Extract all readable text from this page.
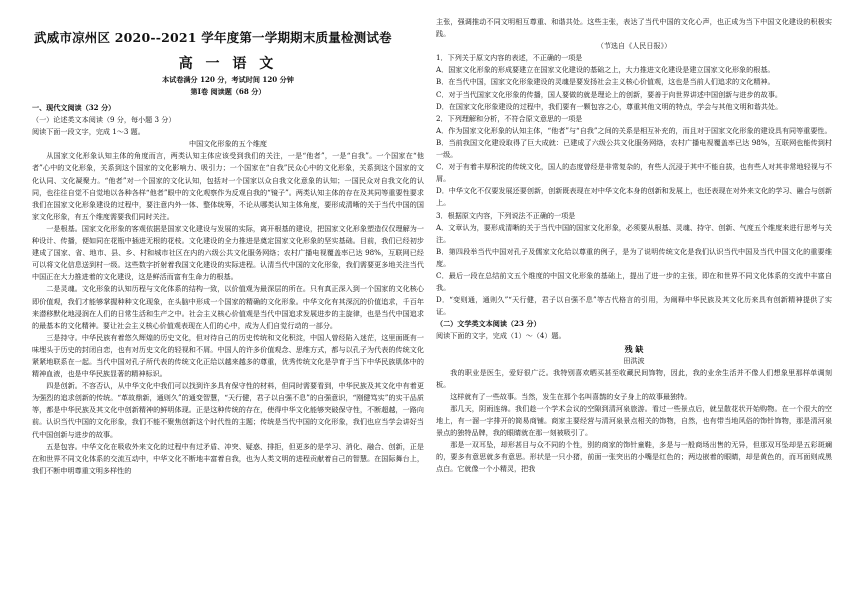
武威市凉州区 2020--2021 学年度第一学期期末质量检测试卷
高 一 语 文
本试卷满分 120 分，考试时间 120 分钟
第Ⅰ卷 阅读题（68 分）

一、现代文阅读（32 分）

（一）论述类文本阅读（9 分，每小题 3 分）

阅读下面一段文字，完成 1～3 题。

中国文化形象的五个维度

从国家文化形象认知主体的角度而言，两类认知主体应该受到我们的关注，一是“他者”，一是“自我”。一个国家在“他者”心中的文化形象，关系到这个国家的文化影响力、吸引力；一个国家在“自我”民众心中的文化形象，关系到这个国家的文化认同、文化凝聚力。“他者”对一个国家的文化认知，包括对一个国家以众自我文化意象的认知；一国民众对自我文化的认同，也往往自觉不自觉地以各种各样“他者”眼中的文化观察作为反观自我的“镜子”。两类认知主体的存在及其同等重要性要求我们在国家文化形象建设的过程中，要注意内外一体、整体统筹，不论从哪类认知主体角度，要形成清晰的关于当代中国的国家文化形象，有五个维度需要我们同时关注。

一是根基。国家文化形象的客观依据是国家文化建设与发展的实际，离开根基的建设，把国家文化形象塑造仅仅理解为一种设计、传播，便如同在花瓶中插进无根的花枝。文化建设的全力推进是奠定国家文化形象的坚实基础。目前，我们已经初步建成了国家、省、地市、县、乡、村和城市社区在内的六级公共文化服务网络；农村广播电视覆盖率已达 98%，互联网已经可以将文化信息送到村一级。这些数字折射着我国文化建设的实际进程。认清当代中国的文化形象，我们需要更多地关注当代中国正在大力推进着的文化建设，这是鲜活而富有生命力的根基。

二是灵魂。文化形象的认知历程与文化体系的结构一致，以价值观为最深层的所在。只有真正深入到一个国家的文化核心即价值观，我们才能够掌握种种文化现象，在头脑中形成一个国家的精确的文化形象。中华文化有其深沉的价值追求，千百年来潜移默化地浸润在人们的日常生活和生产之中。社会主义核心价值观是当代中国追求发展进步的主旋律，也是当代中国追求的最基本的文化精神。要让社会主义核心价值观表现在人们的心中，成为人们自觉行动的一部分。

三是持守。中华民族有着悠久辉煌的历史文化，但对待自己的历史传统和文化积淀，中国人曾经陷入迷茫，这里面既有一味埋头于历史的封闭自恋，也有对历史文化的轻视和不屑。中国人的许多价值观念、思维方式，都与以孔子为代表的传统文化紧紧地联系在一起。当代中国对孔子所代表的传统文化正给以越来越多的尊重，优秀传统文化是孕育于当下中华民族肌体中的精神血液，也是中华民族显著的精神标识。

四是创新。不容否认，从中华文化中我们可以找到许多具有保守性的材料，但同时需要看到，中华民族及其文化中有着更为强烈的追求创新的传统。“革故鼎新，通则久”的通变智慧，“天行健，君子以自强不息”的自强意识，“刚健笃实”的实干品质等，都是中华民族及其文化中创新精神的鲜明体现。正是这种传统的存在，使得中华文化能够突破保守性，不断超越，一路向前。认识当代中国的文化形象，我们不能不聚焦创新这个时代性的主题；传统是当代中国的文化形象，我们也应当学会讲好当代中国创新与进步的故事。

五是包容。中华文化在吸收外来文化的过程中有过矛盾、冲突、疑惑、排拒，但更多的是学习、消化、融合、创新，正是在和世界不同文化体系的交流互动中，中华文化不断地丰富着自我，也为人类文明的进程贡献着自己的智慧。在国际舞台上，我们不断申明尊重文明多样性的

主张，强调推动不同文明相互尊重、和谐共处。这些主张，表达了当代中国的文化心声，也正成为当下中国文化建设的积极实践。

（节选自《人民日报》）

1．下列关于原文内容的表述，不正确的一项是

A．国家文化形象的形成要建立在国家文化建设的基础之上，大力推进文化建设是建立国家文化形象的根基。

B．在当代中国，国家文化形象建设的灵魂是要发扬社会主义核心价值观，这也是当前人们追求的文化精神。

C．对于当代国家文化形象的传播，国人要做的就是理论上的创新，要善于向世界讲述中国创新与进步的故事。

D．在国家文化形象建设的过程中，我们要有一颗包容之心，尊重其他文明的特点，学会与其他文明和谐共处。

2．下列理解和分析，不符合原文意思的一项是

A．作为国家文化形象的认知主体，“他者”与“自我”之间的关系是相互补充的，而且对于国家文化形象的建设具有同等重要性。

B．当前我国文化建设取得了巨大成就：已建成了六级公共文化服务网络，农村广播电视覆盖率已达 98%，互联网也能传到村一级。

C．对于有着丰厚积淀的传统文化，国人的态度曾经是非常复杂的，有些人沉浸于其中不能自拔，也有些人对其非常地轻视与不屑。

D．中华文化不仅要发展还要创新，创新既表现在对中华文化本身的创新和发展上，也还表现在对外来文化的学习、融合与创新上。

3．根据原文内容，下列说法不正确的一项是

A．文章认为，要形成清晰的关于当代中国的国家文化形象，必须要从根基、灵魂、持守、创新、气度五个维度来进行思考与关注。

B．第四段举当代中国对孔子及儒家文化给以尊重的例子，是为了说明传统文化是我们认识当代中国及当代中国文化的重要维度。

C．最后一段在总结前文五个维度的中国文化形象的基础上，提出了进一步的主张，即在和世界不同文化体系的交流中丰富自我。

D．“变则通，通则久”“天行健，君子以自强不息”等古代格言的引用，为阐释中华民族及其文化历来具有创新精神提供了实证。

（二）文学类文本阅读（23 分）

阅读下面的文字，完成（1）～（4）题。

残 缺

田洪波

我的职业是医生，爱好很广泛。我特别喜欢晒买甚至收藏民间饰物，因此，我的业余生活并不像人们想象里那样单调刻板。

这样就有了一些故事。当然，发生在那个名叫喜鹊的女子身上的故事最独特。

那几天，阴雨连绵。我们趁一个学术会议的空隙到清河泉旅游。看过一些景点后，就呈散花状开始购物。在一个很大的空地上，有一溜一字排开的简易商铺。商家主要经营与清河泉景点相关的饰物，自然，也有带当地风俗的饰针饰物，那是清河泉景点的独特品牌，我的眼睛就在那一刻被吸引了。

那是一双耳坠，却形甚目与众不同的个性，别的商家的饰针童鞋，多是与一般商场出售的无异，但那双耳坠却是五彩斑斓的，要多有意思就多有意思。形状是一只小猪，前面一张突出的小嘴是红色的；两边嵌着的眼睛，却是黄色的，而耳面则成黑点白。它就像一个小精灵，把我
